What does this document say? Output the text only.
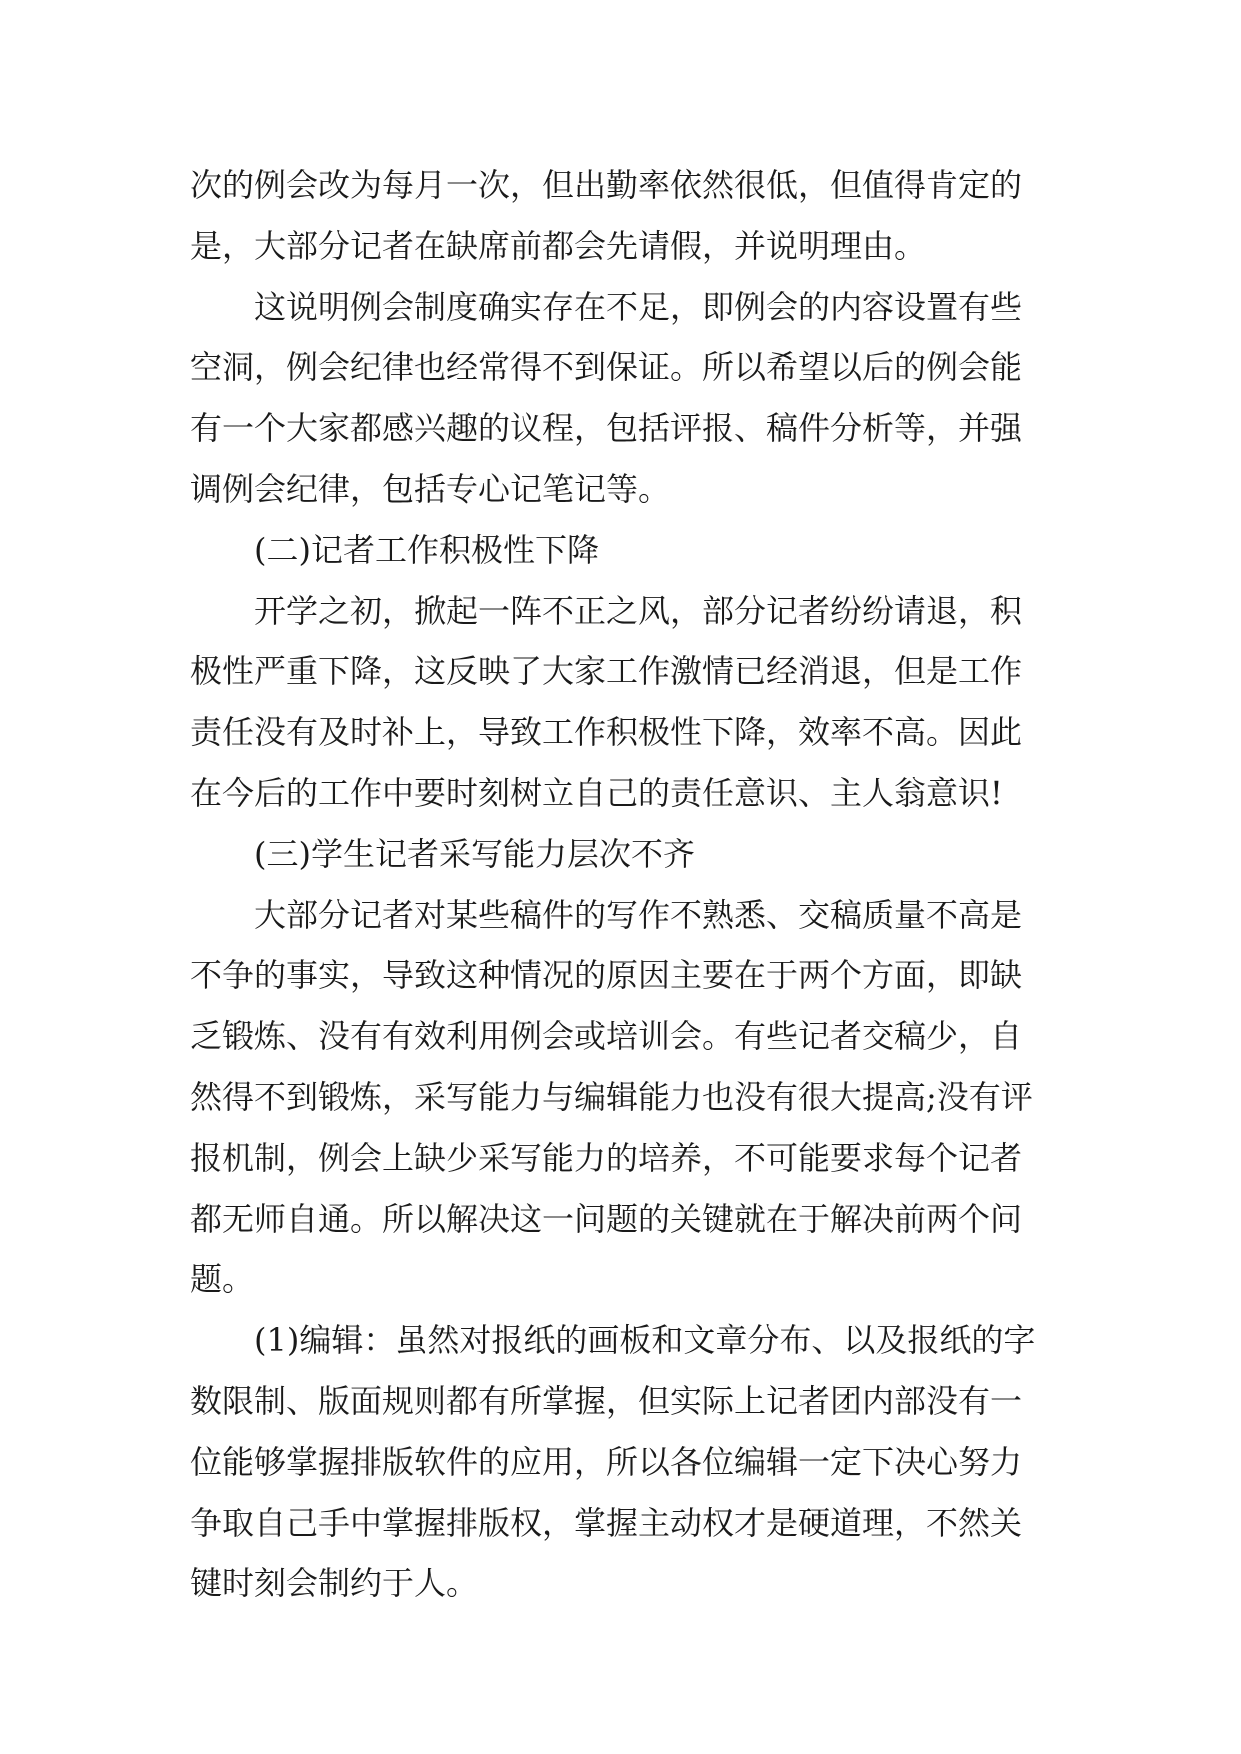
次的例会改为每月一次，但出勤率依然很低，但值得肯定的是，大部分记者在缺席前都会先请假，并说明理由。

这说明例会制度确实存在不足，即例会的内容设置有些空洞，例会纪律也经常得不到保证。所以希望以后的例会能有一个大家都感兴趣的议程，包括评报、稿件分析等，并强调例会纪律，包括专心记笔记等。

(二)记者工作积极性下降

开学之初，掀起一阵不正之风，部分记者纷纷请退，积极性严重下降，这反映了大家工作激情已经消退，但是工作责任没有及时补上，导致工作积极性下降，效率不高。因此在今后的工作中要时刻树立自己的责任意识、主人翁意识!

(三)学生记者采写能力层次不齐

大部分记者对某些稿件的写作不熟悉、交稿质量不高是不争的事实，导致这种情况的原因主要在于两个方面，即缺乏锻炼、没有有效利用例会或培训会。有些记者交稿少，自然得不到锻炼，采写能力与编辑能力也没有很大提高;没有评报机制，例会上缺少采写能力的培养，不可能要求每个记者都无师自通。所以解决这一问题的关键就在于解决前两个问题。

(1)编辑：虽然对报纸的画板和文章分布、以及报纸的字数限制、版面规则都有所掌握，但实际上记者团内部没有一位能够掌握排版软件的应用，所以各位编辑一定下决心努力争取自己手中掌握排版权，掌握主动权才是硬道理，不然关键时刻会制约于人。
